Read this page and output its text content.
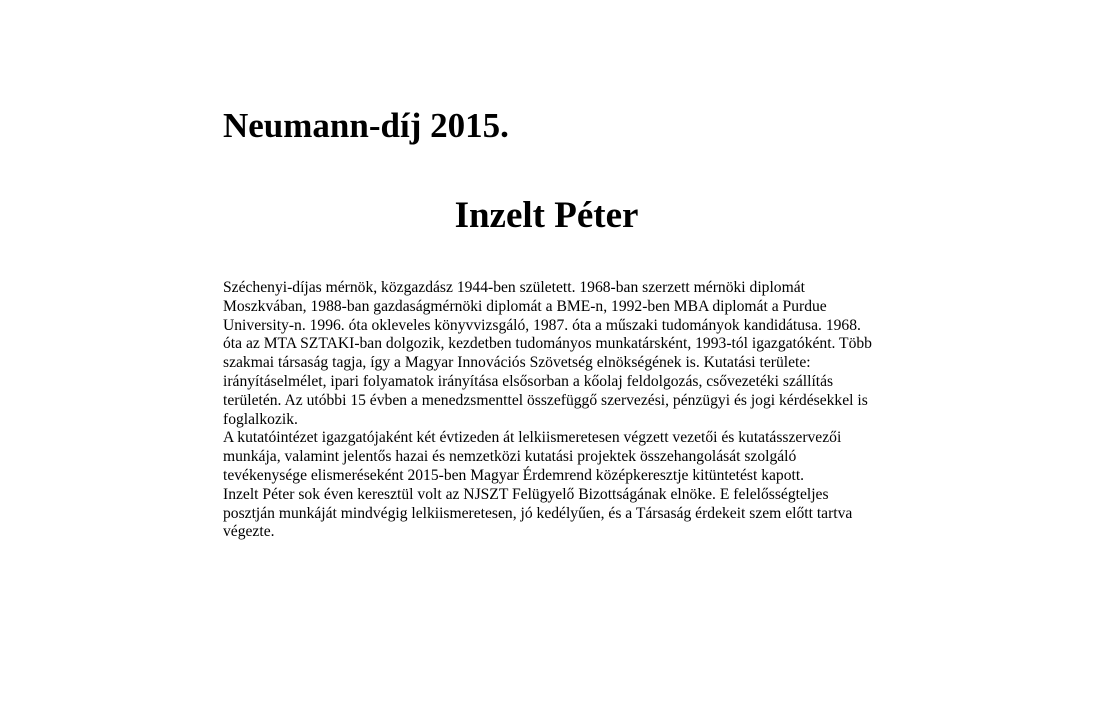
Neumann-díj 2015.
Inzelt Péter

Széchenyi-díjas mérnök, közgazdász 1944-ben született. 1968-ban szerzett mérnöki diplomát Moszkvában, 1988-ban gazdaságmérnöki diplomát a BME-n, 1992-ben MBA diplomát a Purdue University-n. 1996. óta okleveles könyvvizsgáló, 1987. óta a műszaki tudományok kandidátusa. 1968. óta az MTA SZTAKI-ban dolgozik, kezdetben tudományos munkatársként, 1993-tól igazgatóként. Több szakmai társaság tagja, így a Magyar Innovációs Szövetség elnökségének is. Kutatási területe: irányításelmélet, ipari folyamatok irányítása elsősorban a kőolaj feldolgozás, csővezetéki szállítás területén. Az utóbbi 15 évben a menedzsmenttel összefüggő szervezési, pénzügyi és jogi kérdésekkel is foglalkozik.

A kutatóintézet igazgatójaként két évtizeden át lelkiismeretesen végzett vezetői és kutatásszervezői munkája, valamint jelentős hazai és nemzetközi kutatási projektek összehangolását szolgáló tevékenysége elismeréseként 2015-ben Magyar Érdemrend középkeresztje kitüntetést kapott.

Inzelt Péter sok éven keresztül volt az NJSZT Felügyelő Bizottságának elnöke. E felelősségteljes posztján munkáját mindvégig lelkiismeretesen, jó kedélyűen, és a Társaság érdekeit szem előtt tartva végezte.
